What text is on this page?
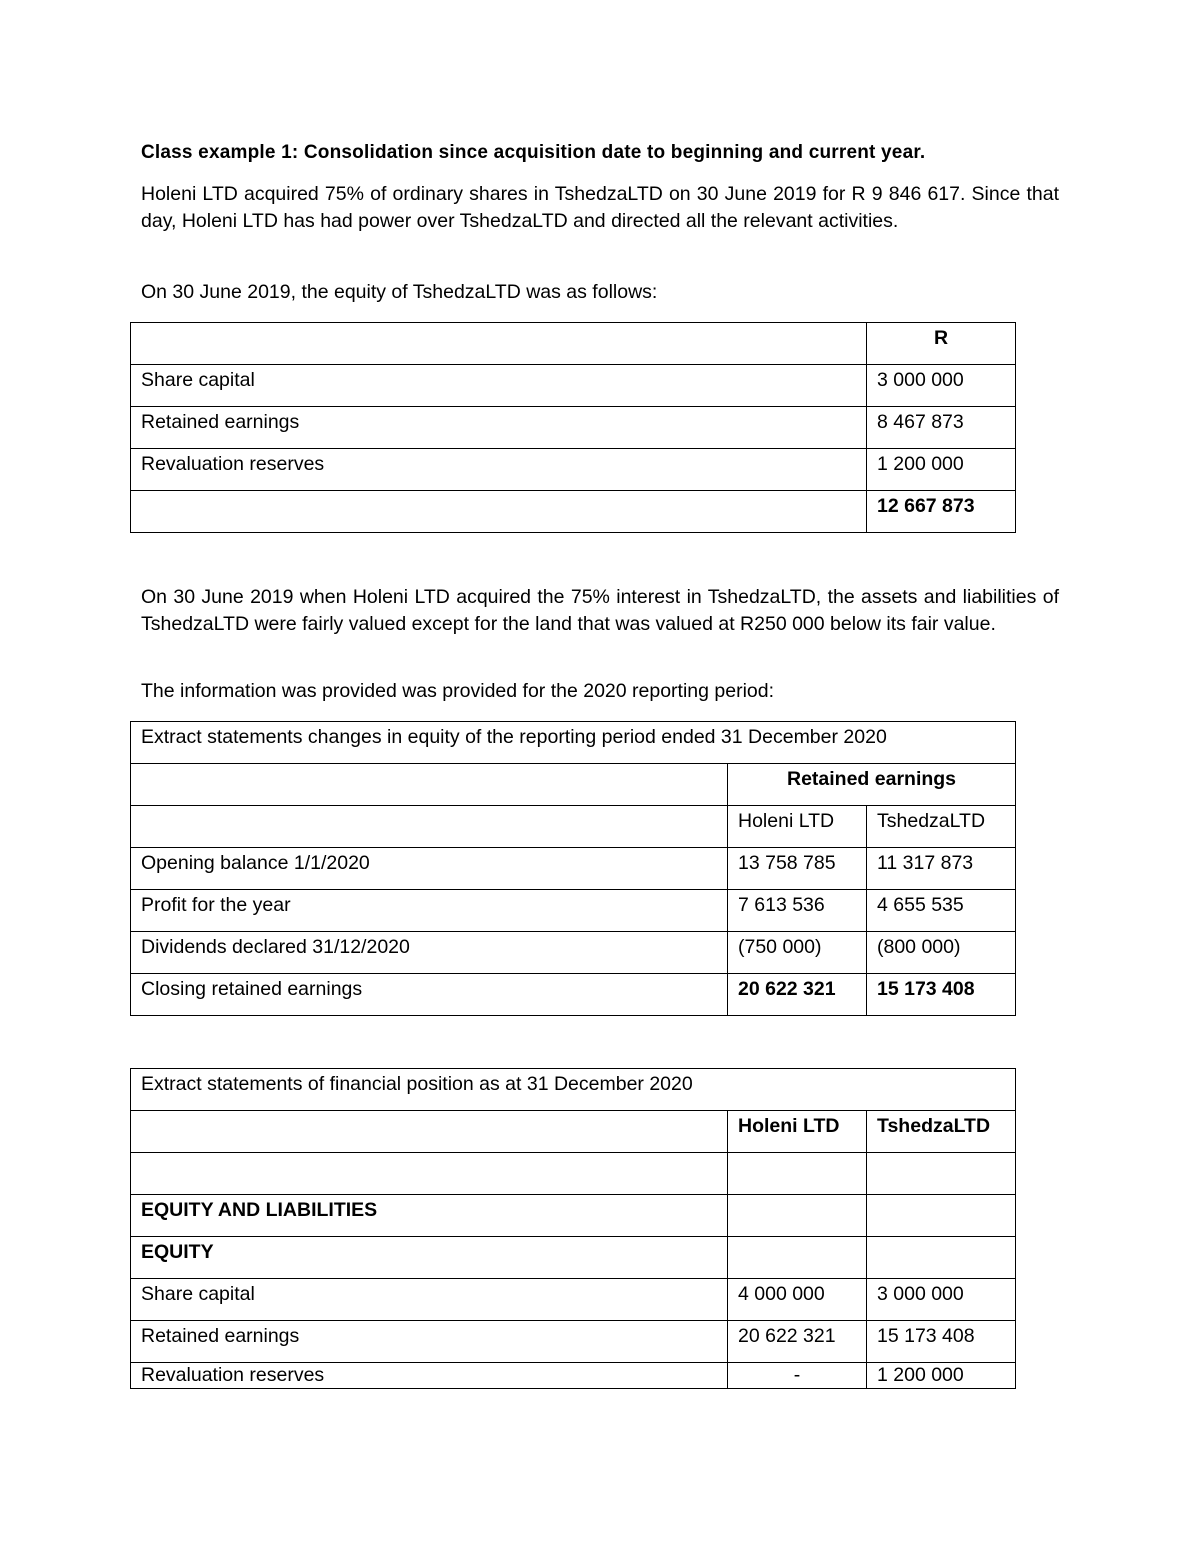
Class example 1: Consolidation since acquisition date to beginning and current year.
Holeni LTD acquired 75% of ordinary shares in TshedzaLTD on 30 June 2019 for R 9 846 617. Since that day, Holeni LTD has had power over TshedzaLTD and directed all the relevant activities.
On 30 June 2019, the equity of TshedzaLTD was as follows:
	R
Share capital	3 000 000
Retained earnings	8 467 873
Revaluation reserves	1 200 000
	12 667 873
On 30 June 2019 when Holeni LTD acquired the 75% interest in TshedzaLTD, the assets and liabilities of TshedzaLTD were fairly valued except for the land that was valued at R250 000 below its fair value.
The information was provided was provided for the 2020 reporting period:
Extract statements changes in equity of the reporting period ended 31 December 2020		
	Retained earnings	
	Holeni LTD	TshedzaLTD
Opening balance 1/1/2020	13 758 785	11 317 873
Profit for the year	7 613 536	4 655 535
Dividends declared 31/12/2020	(750 000)	(800 000)
Closing retained earnings	20 622 321	15 173 408
Extract statements of financial position as at 31 December 2020		
	Holeni LTD	TshedzaLTD

EQUITY AND LIABILITIES		
EQUITY		
Share capital	4 000 000	3 000 000
Retained earnings	20 622 321	15 173 408
Revaluation reserves	-	1 200 000
